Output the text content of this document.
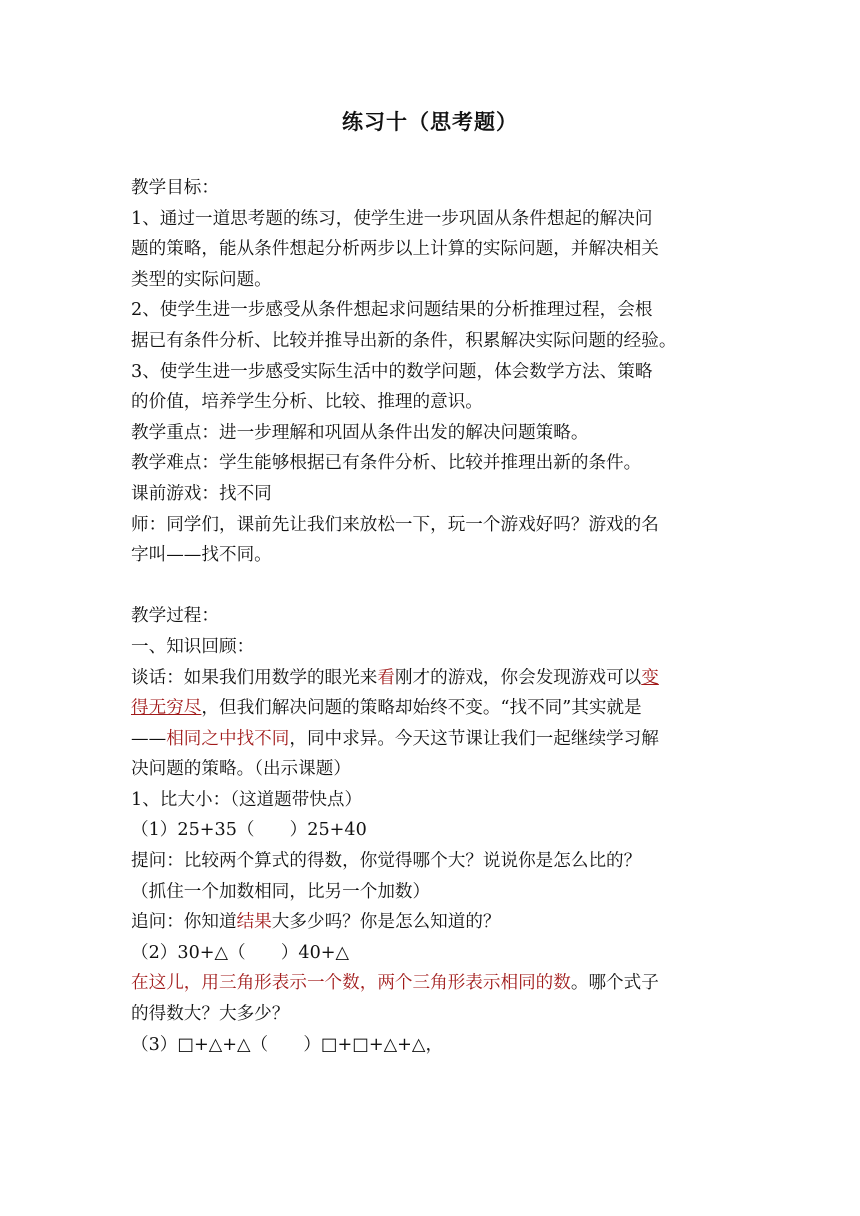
练习十（思考题）
教学目标：
1、通过一道思考题的练习，使学生进一步巩固从条件想起的解决问
题的策略，能从条件想起分析两步以上计算的实际问题，并解决相关
类型的实际问题。
2、使学生进一步感受从条件想起求问题结果的分析推理过程，会根
据已有条件分析、比较并推导出新的条件，积累解决实际问题的经验。
3、使学生进一步感受实际生活中的数学问题，体会数学方法、策略
的价值，培养学生分析、比较、推理的意识。
教学重点：进一步理解和巩固从条件出发的解决问题策略。
教学难点：学生能够根据已有条件分析、比较并推理出新的条件。
课前游戏：找不同
师：同学们，课前先让我们来放松一下，玩一个游戏好吗？游戏的名
字叫——找不同。
教学过程：
一、知识回顾：
谈话：如果我们用数学的眼光来看刚才的游戏，你会发现游戏可以变
得无穷尽，但我们解决问题的策略却始终不变。“找不同”其实就是
——相同之中找不同，同中求异。今天这节课让我们一起继续学习解
决问题的策略。（出示课题）
1、比大小：（这道题带快点）
（1）25+35（　　）25+40
提问：比较两个算式的得数，你觉得哪个大？说说你是怎么比的？
（抓住一个加数相同，比另一个加数）
追问：你知道结果大多少吗？你是怎么知道的？
（2）30+△（　　）40+△
在这儿，用三角形表示一个数，两个三角形表示相同的数。哪个式子
的得数大？大多少？
（3）□+△+△（　　）□+□+△+△，
